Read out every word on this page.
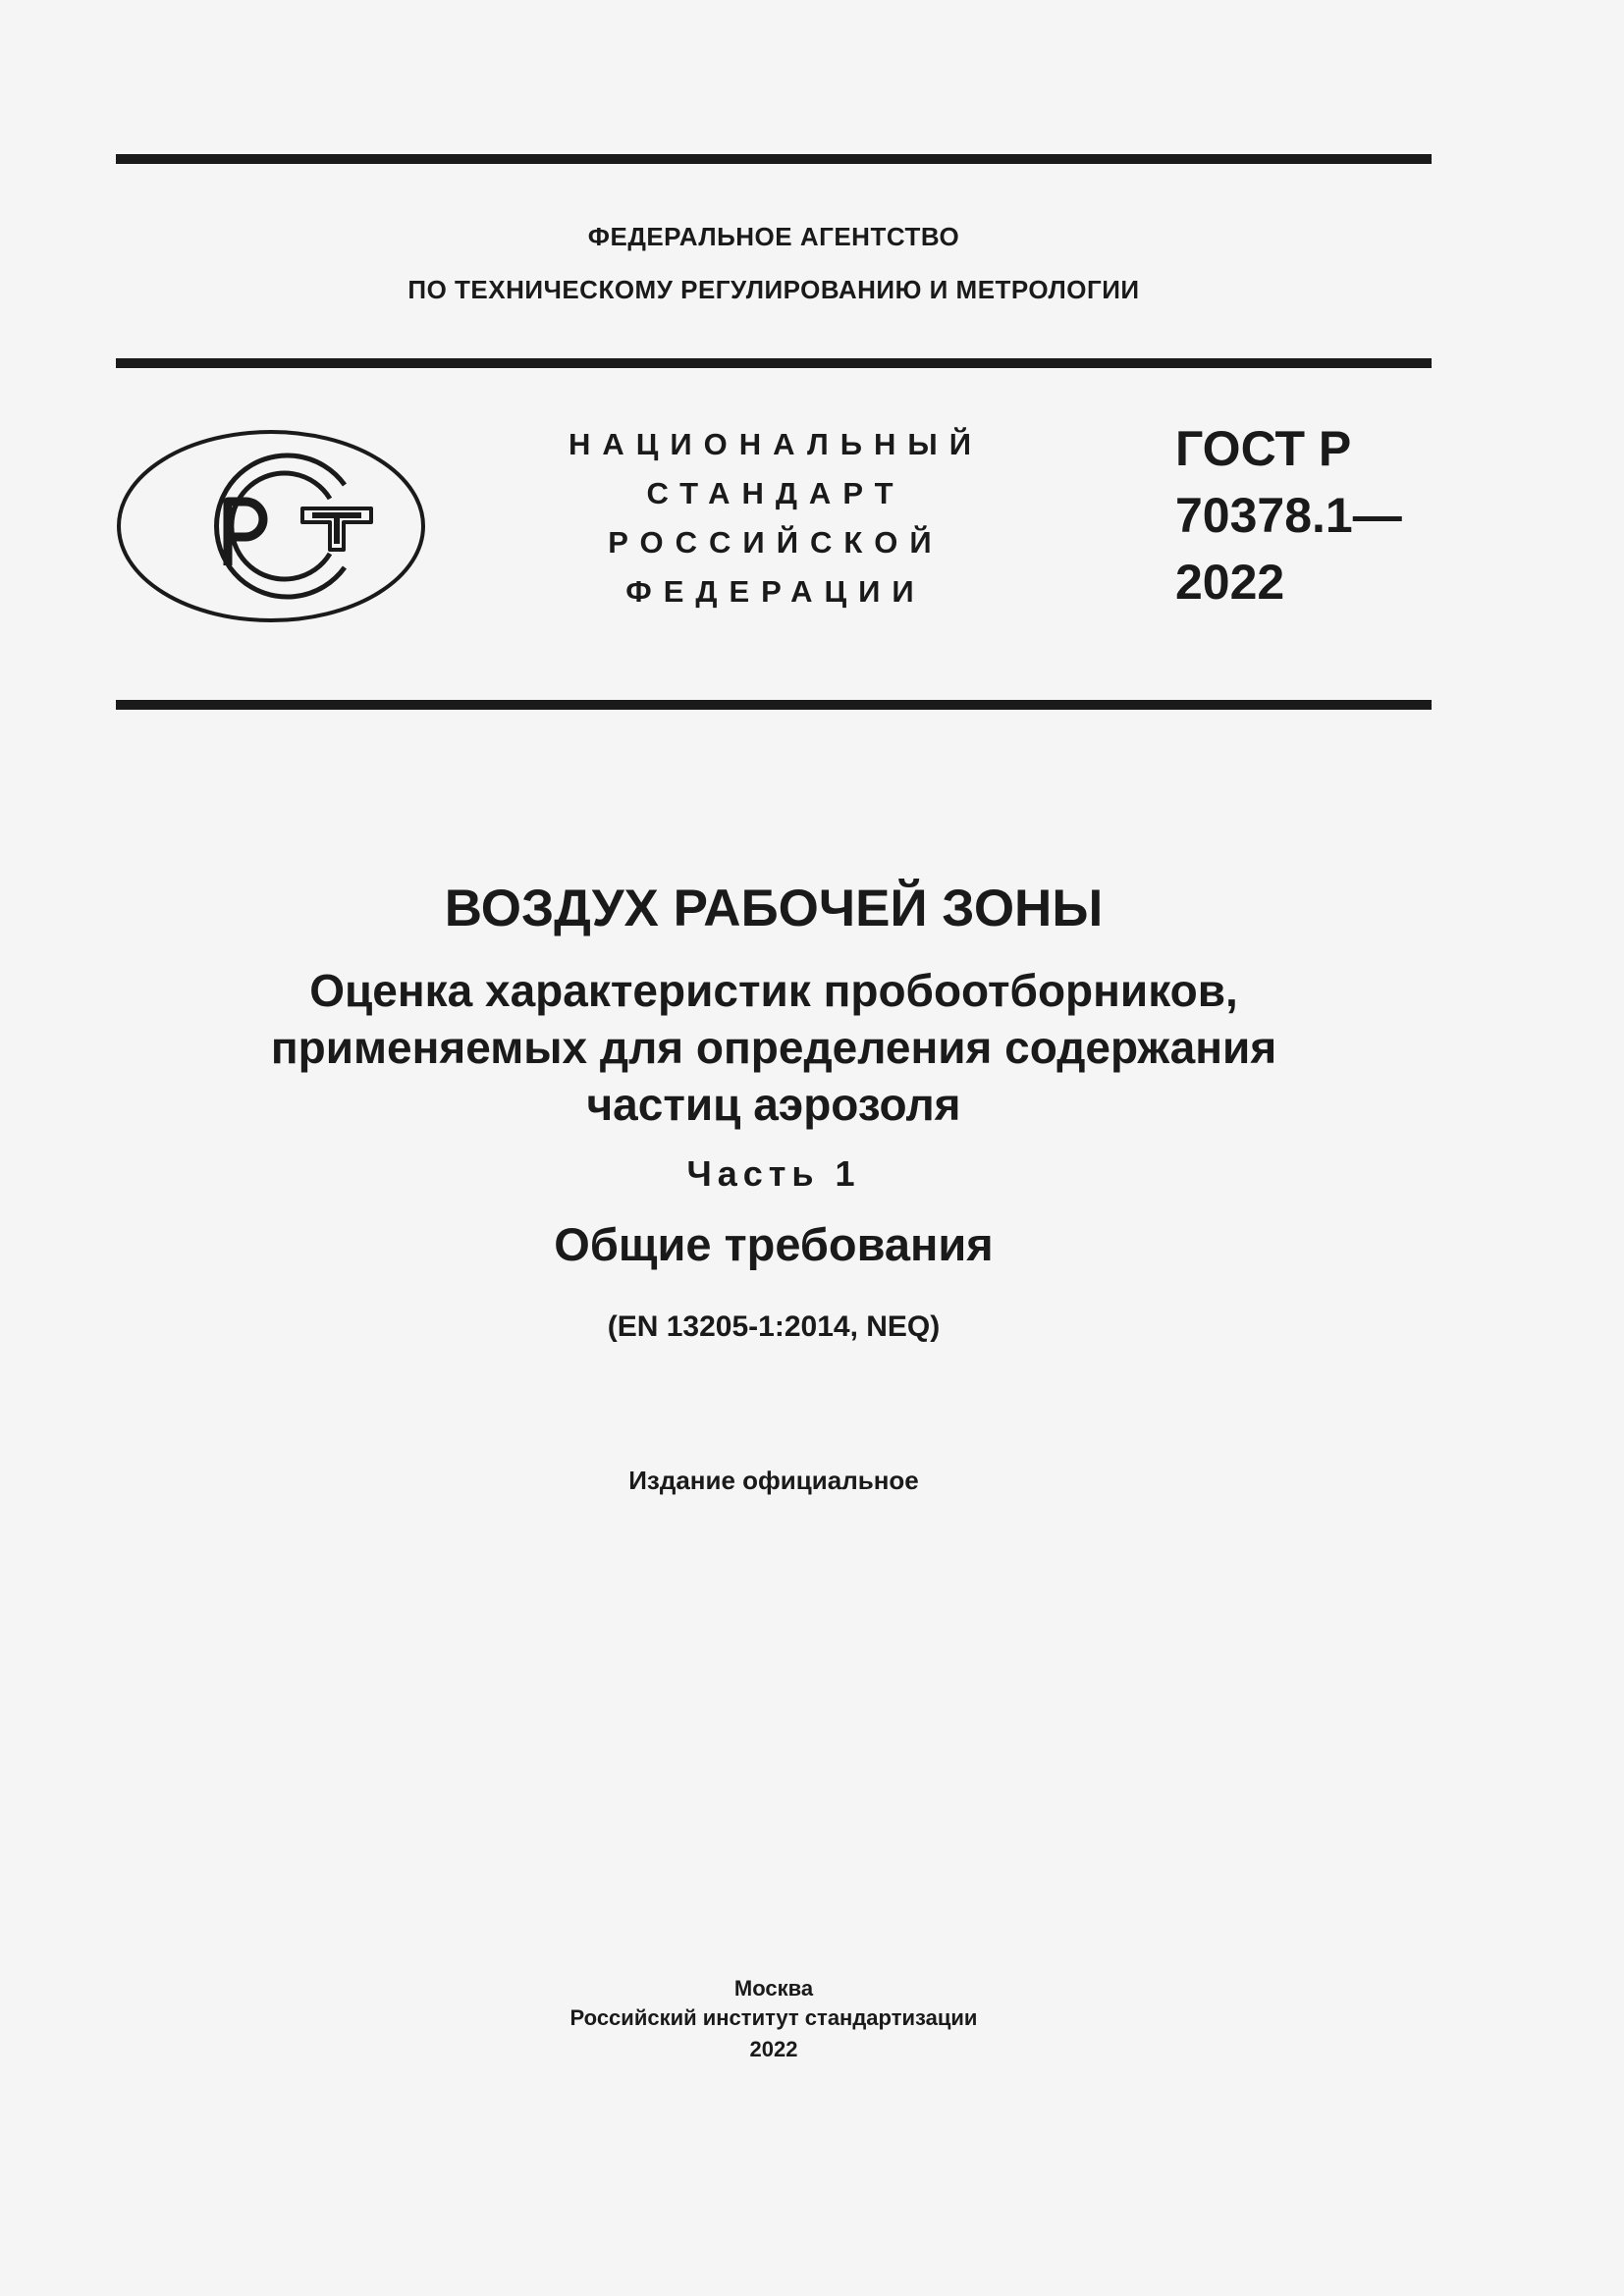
ФЕДЕРАЛЬНОЕ АГЕНТСТВО
ПО ТЕХНИЧЕСКОМУ РЕГУЛИРОВАНИЮ И МЕТРОЛОГИИ
НАЦИОНАЛЬНЫЙ
СТАНДАРТ
РОССИЙСКОЙ
ФЕДЕРАЦИИ
ГОСТ Р
70378.1—
2022
ВОЗДУХ РАБОЧЕЙ ЗОНЫ
Оценка характеристик пробоотборников,
применяемых для определения содержания
частиц аэрозоля
Часть 1
Общие требования
(EN 13205-1:2014, NEQ)
Издание официальное
Москва
Российский институт стандартизации
2022
